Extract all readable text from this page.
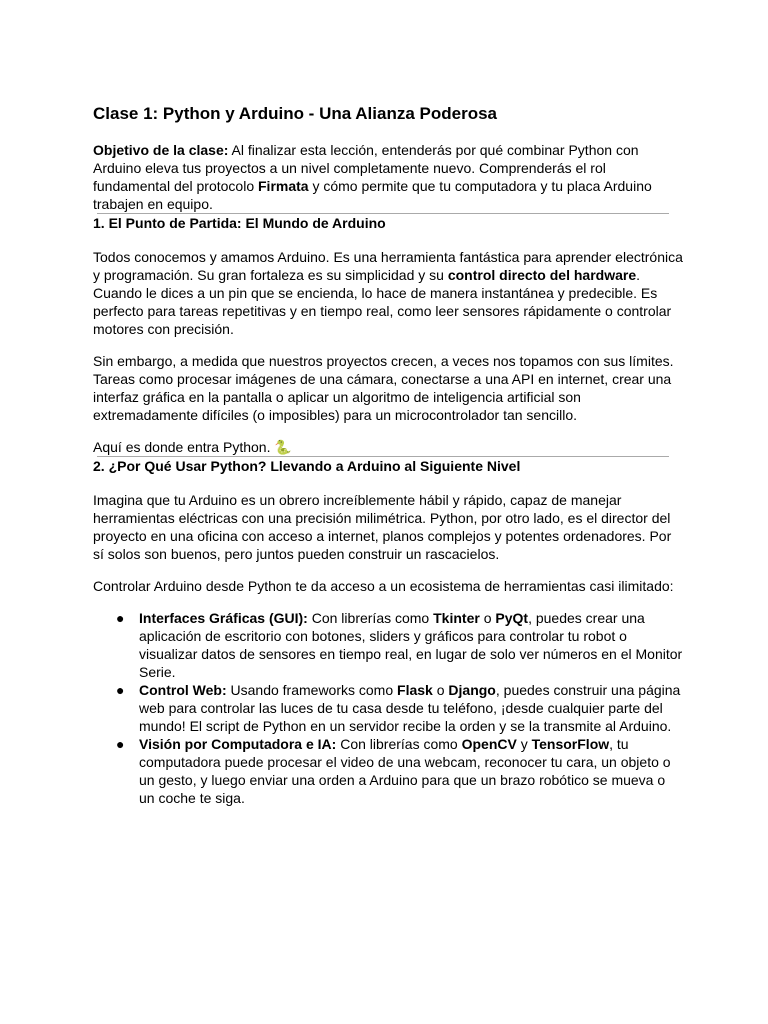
Clase 1: Python y Arduino - Una Alianza Poderosa

Objetivo de la clase: Al finalizar esta lección, entenderás por qué combinar Python con Arduino eleva tus proyectos a un nivel completamente nuevo. Comprenderás el rol fundamental del protocolo Firmata y cómo permite que tu computadora y tu placa Arduino trabajen en equipo.

1. El Punto de Partida: El Mundo de Arduino

Todos conocemos y amamos Arduino. Es una herramienta fantástica para aprender electrónica y programación. Su gran fortaleza es su simplicidad y su control directo del hardware. Cuando le dices a un pin que se encienda, lo hace de manera instantánea y predecible. Es perfecto para tareas repetitivas y en tiempo real, como leer sensores rápidamente o controlar motores con precisión.

Sin embargo, a medida que nuestros proyectos crecen, a veces nos topamos con sus límites. Tareas como procesar imágenes de una cámara, conectarse a una API en internet, crear una interfaz gráfica en la pantalla o aplicar un algoritmo de inteligencia artificial son extremadamente difíciles (o imposibles) para un microcontrolador tan sencillo.

Aquí es donde entra Python. 🐍

2. ¿Por Qué Usar Python? Llevando a Arduino al Siguiente Nivel

Imagina que tu Arduino es un obrero increíblemente hábil y rápido, capaz de manejar herramientas eléctricas con una precisión milimétrica. Python, por otro lado, es el director del proyecto en una oficina con acceso a internet, planos complejos y potentes ordenadores. Por sí solos son buenos, pero juntos pueden construir un rascacielos.

Controlar Arduino desde Python te da acceso a un ecosistema de herramientas casi ilimitado:

● Interfaces Gráficas (GUI): Con librerías como Tkinter o PyQt, puedes crear una aplicación de escritorio con botones, sliders y gráficos para controlar tu robot o visualizar datos de sensores en tiempo real, en lugar de solo ver números en el Monitor Serie.
● Control Web: Usando frameworks como Flask o Django, puedes construir una página web para controlar las luces de tu casa desde tu teléfono, ¡desde cualquier parte del mundo! El script de Python en un servidor recibe la orden y se la transmite al Arduino.
● Visión por Computadora e IA: Con librerías como OpenCV y TensorFlow, tu computadora puede procesar el video de una webcam, reconocer tu cara, un objeto o un gesto, y luego enviar una orden a Arduino para que un brazo robótico se mueva o un coche te siga.
